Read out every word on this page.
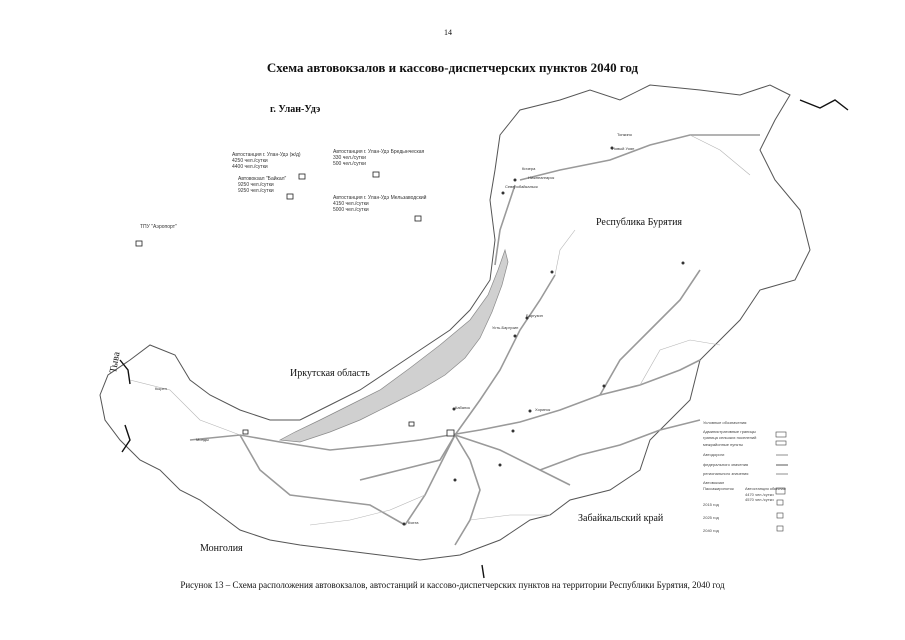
14
Схема автовокзалов и кассово-диспетчерских пунктов 2040 год
г. Улан-Удэ
Автостанция г. Улан-Удэ (ж/д)
4250 чел./сутки
4400 чел./сутки
Автовокзал "Байкал"
9250 чел./сутки
9250 чел./сутки
Автостанция г. Улан-Удэ Бредынческая
330 чел./сутки
500 чел./сутки
Автостанция г. Улан-Удэ Мельзаводский
4150 чел./сутки
5000 чел./сутки
ТПУ "Аэропорт"	Республика Бурятия
Иркутская область
Забайкальский край
Монголия
Тыва
Тонкино
Новый Уоян
Кичера
Нижнеангарск
Северобайкальск
Усть-Баргузин
Баргузин
Кырен
Монды
Кабанск	Хоринск
Кяхта
Условные обозначения:
Административные границы
граница сельских поселений
межрайонные пункты
Автодороги
федерального значения
регионального значения
Автовокзал
Пассажиропоток	Автостанция обычная
4470 чел./сутки
4570 чел./сутки
2015 год
2025 год
2040 год
Рисунок 13 – Схема расположения автовокзалов, автостанций и кассово-диспетчерских пунктов на территории Республики Бурятия, 2040 год
